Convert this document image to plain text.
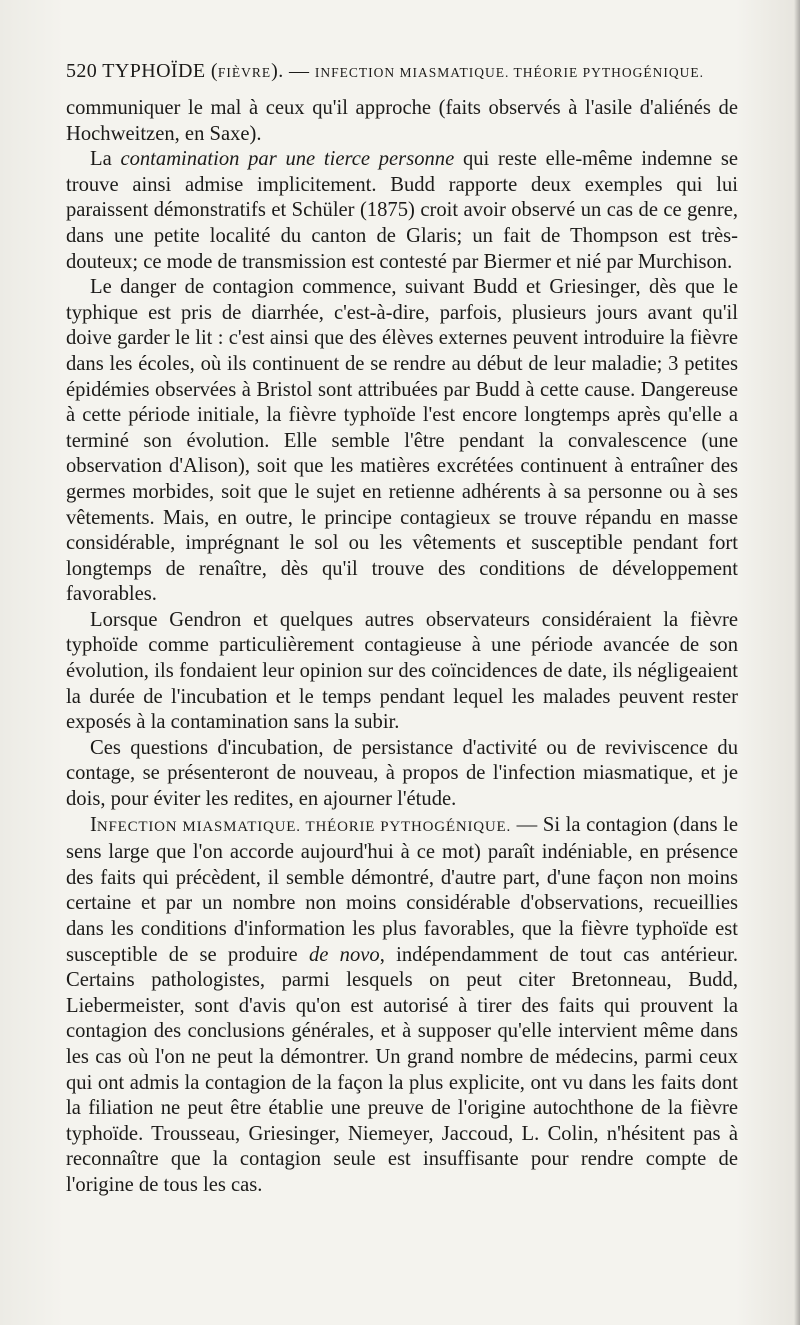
520 TYPHOÏDE (FIÈVRE). — INFECTION MIASMATIQUE. THÉORIE PYTHOGÉNIQUE.

communiquer le mal à ceux qu'il approche (faits observés à l'asile d'aliénés de Hochweitzen, en Saxe).

La contamination par une tierce personne qui reste elle-même indemne se trouve ainsi admise implicitement. Budd rapporte deux exemples qui lui paraissent démonstratifs et Schüler (1875) croit avoir observé un cas de ce genre, dans une petite localité du canton de Glaris; un fait de Thompson est très-douteux; ce mode de transmission est contesté par Biermer et nié par Murchison.

Le danger de contagion commence, suivant Budd et Griesinger, dès que le typhique est pris de diarrhée, c'est-à-dire, parfois, plusieurs jours avant qu'il doive garder le lit : c'est ainsi que des élèves externes peuvent introduire la fièvre dans les écoles, où ils continuent de se rendre au début de leur maladie; 3 petites épidémies observées à Bristol sont attribuées par Budd à cette cause. Dangereuse à cette période initiale, la fièvre typhoïde l'est encore longtemps après qu'elle a terminé son évolution. Elle semble l'être pendant la convalescence (une observation d'Alison), soit que les matières excrétées continuent à entraîner des germes morbides, soit que le sujet en retienne adhérents à sa personne ou à ses vêtements. Mais, en outre, le principe contagieux se trouve répandu en masse considérable, imprégnant le sol ou les vêtements et susceptible pendant fort longtemps de renaître, dès qu'il trouve des conditions de développement favorables.

Lorsque Gendron et quelques autres observateurs considéraient la fièvre typhoïde comme particulièrement contagieuse à une période avancée de son évolution, ils fondaient leur opinion sur des coïncidences de date, ils négligeaient la durée de l'incubation et le temps pendant lequel les malades peuvent rester exposés à la contamination sans la subir.

Ces questions d'incubation, de persistance d'activité ou de reviviscence du contage, se présenteront de nouveau, à propos de l'infection miasmatique, et je dois, pour éviter les redites, en ajourner l'étude.

INFECTION MIASMATIQUE. THÉORIE PYTHOGÉNIQUE. — Si la contagion (dans le sens large que l'on accorde aujourd'hui à ce mot) paraît indéniable, en présence des faits qui précèdent, il semble démontré, d'autre part, d'une façon non moins certaine et par un nombre non moins considérable d'observations, recueillies dans les conditions d'information les plus favorables, que la fièvre typhoïde est susceptible de se produire de novo, indépendamment de tout cas antérieur. Certains pathologistes, parmi lesquels on peut citer Bretonneau, Budd, Liebermeister, sont d'avis qu'on est autorisé à tirer des faits qui prouvent la contagion des conclusions générales, et à supposer qu'elle intervient même dans les cas où l'on ne peut la démontrer. Un grand nombre de médecins, parmi ceux qui ont admis la contagion de la façon la plus explicite, ont vu dans les faits dont la filiation ne peut être établie une preuve de l'origine autochthone de la fièvre typhoïde. Trousseau, Griesinger, Niemeyer, Jaccoud, L. Colin, n'hésitent pas à reconnaître que la contagion seule est insuffisante pour rendre compte de l'origine de tous les cas.
